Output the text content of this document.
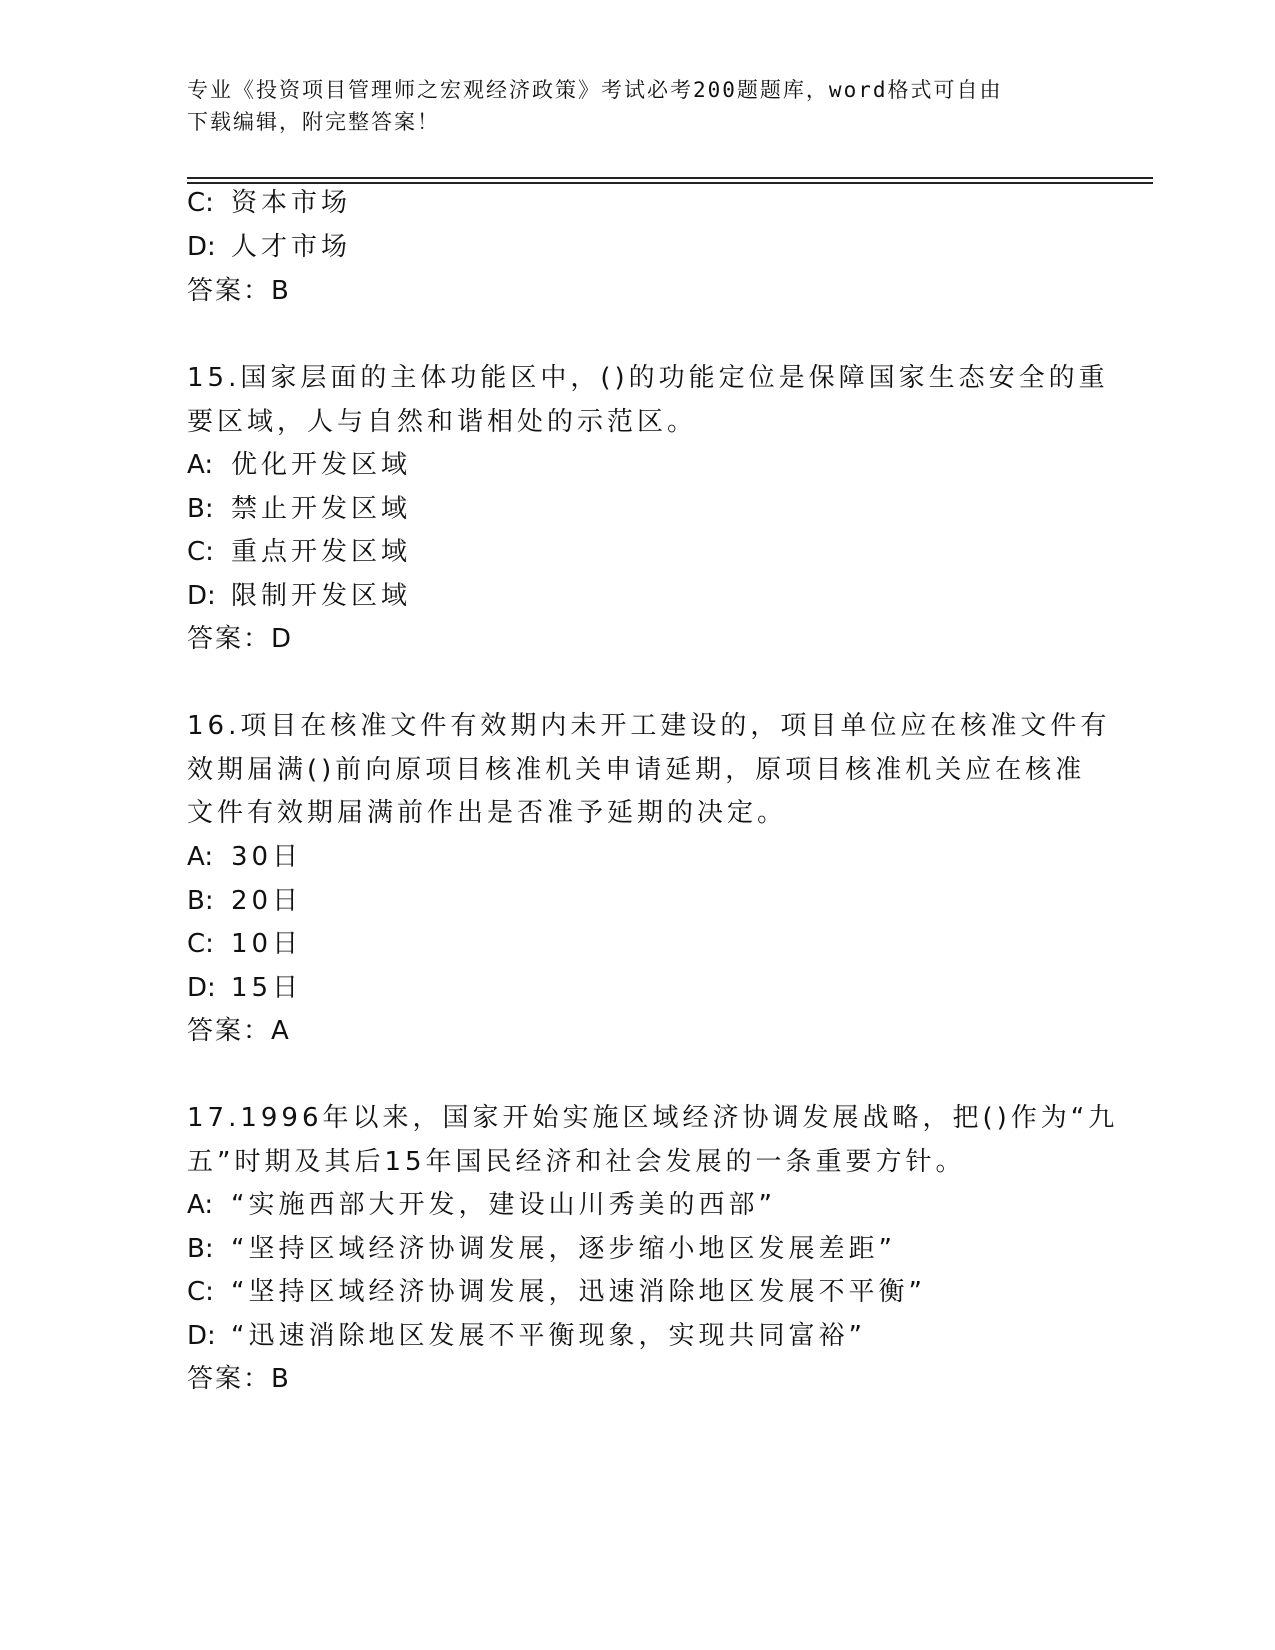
专业《投资项目管理师之宏观经济政策》考试必考200题题库，word格式可自由
下载编辑，附完整答案！
C: 资本市场
D: 人才市场
答案：B
15.国家层面的主体功能区中，()的功能定位是保障国家生态安全的重
要区域，人与自然和谐相处的示范区。
A: 优化开发区域
B: 禁止开发区域
C: 重点开发区域
D: 限制开发区域
答案：D
16.项目在核准文件有效期内未开工建设的，项目单位应在核准文件有
效期届满()前向原项目核准机关申请延期，原项目核准机关应在核准
文件有效期届满前作出是否准予延期的决定。
A: 30日
B: 20日
C: 10日
D: 15日
答案：A
17.1996年以来，国家开始实施区域经济协调发展战略，把()作为“九
五”时期及其后15年国民经济和社会发展的一条重要方针。
A: “实施西部大开发，建设山川秀美的西部”
B: “坚持区域经济协调发展，逐步缩小地区发展差距”
C: “坚持区域经济协调发展，迅速消除地区发展不平衡”
D: “迅速消除地区发展不平衡现象，实现共同富裕”
答案：B
